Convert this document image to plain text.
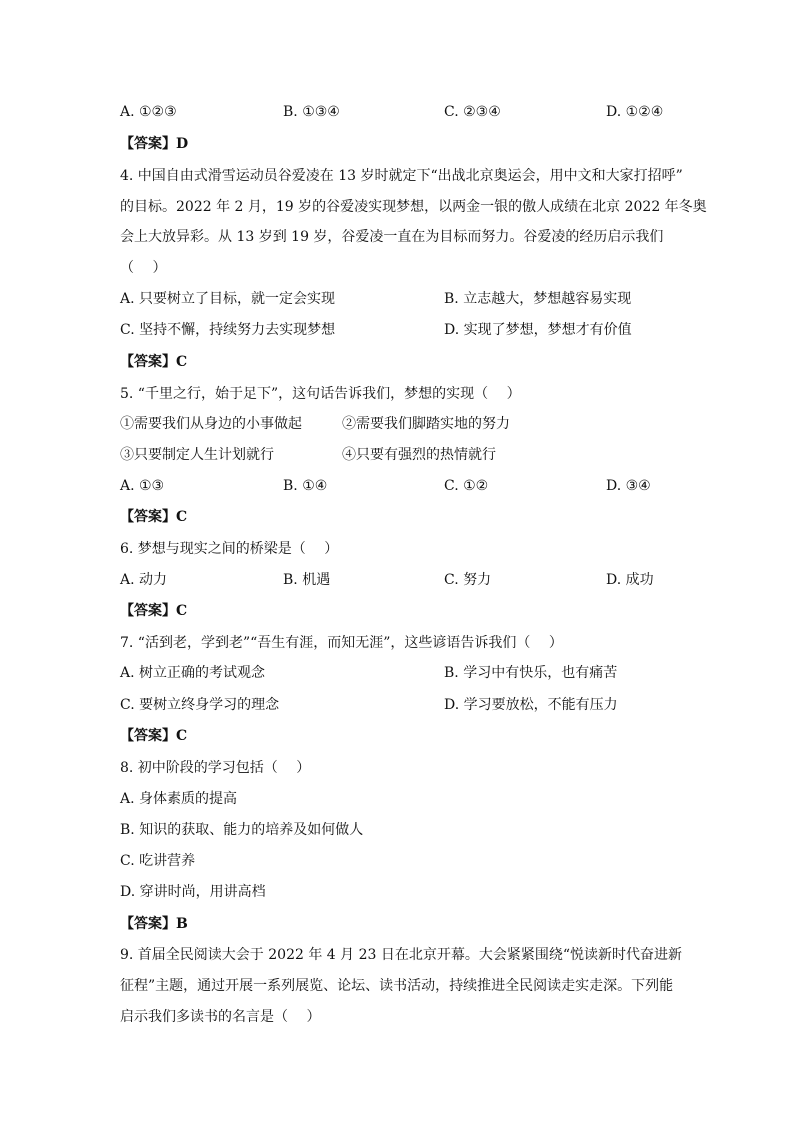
A. ①②③	B. ①③④	C. ②③④	D. ①②④
【答案】D
4. 中国自由式滑雪运动员谷爱凌在 13 岁时就定下“出战北京奥运会，用中文和大家打招呼”
的目标。2022 年 2 月，19 岁的谷爱凌实现梦想，以两金一银的傲人成绩在北京 2022 年冬奥
会上大放异彩。从 13 岁到 19 岁，谷爱凌一直在为目标而努力。谷爱凌的经历启示我们
（　 ）
A. 只要树立了目标，就一定会实现	B. 立志越大，梦想越容易实现
C. 坚持不懈，持续努力去实现梦想	D. 实现了梦想，梦想才有价值
【答案】C
5. “千里之行，始于足下”，这句话告诉我们，梦想的实现（　 ）
①需要我们从身边的小事做起	②需要我们脚踏实地的努力
③只要制定人生计划就行	④只要有强烈的热情就行
A. ①③	B. ①④	C. ①②	D. ③④
【答案】C
6. 梦想与现实之间的桥梁是（　 ）
A. 动力	B. 机遇	C. 努力	D. 成功
【答案】C
7. “活到老，学到老”“吾生有涯，而知无涯”，这些谚语告诉我们（　 ）
A. 树立正确的考试观念	B. 学习中有快乐，也有痛苦
C. 要树立终身学习的理念	D. 学习要放松，不能有压力
【答案】C
8. 初中阶段的学习包括（　 ）
A. 身体素质的提高
B. 知识的获取、能力的培养及如何做人
C. 吃讲营养
D. 穿讲时尚，用讲高档
【答案】B
9. 首届全民阅读大会于 2022 年 4 月 23 日在北京开幕。大会紧紧围绕“悦读新时代奋进新
征程”主题，通过开展一系列展览、论坛、读书活动，持续推进全民阅读走实走深。下列能
启示我们多读书的名言是（　 ）
